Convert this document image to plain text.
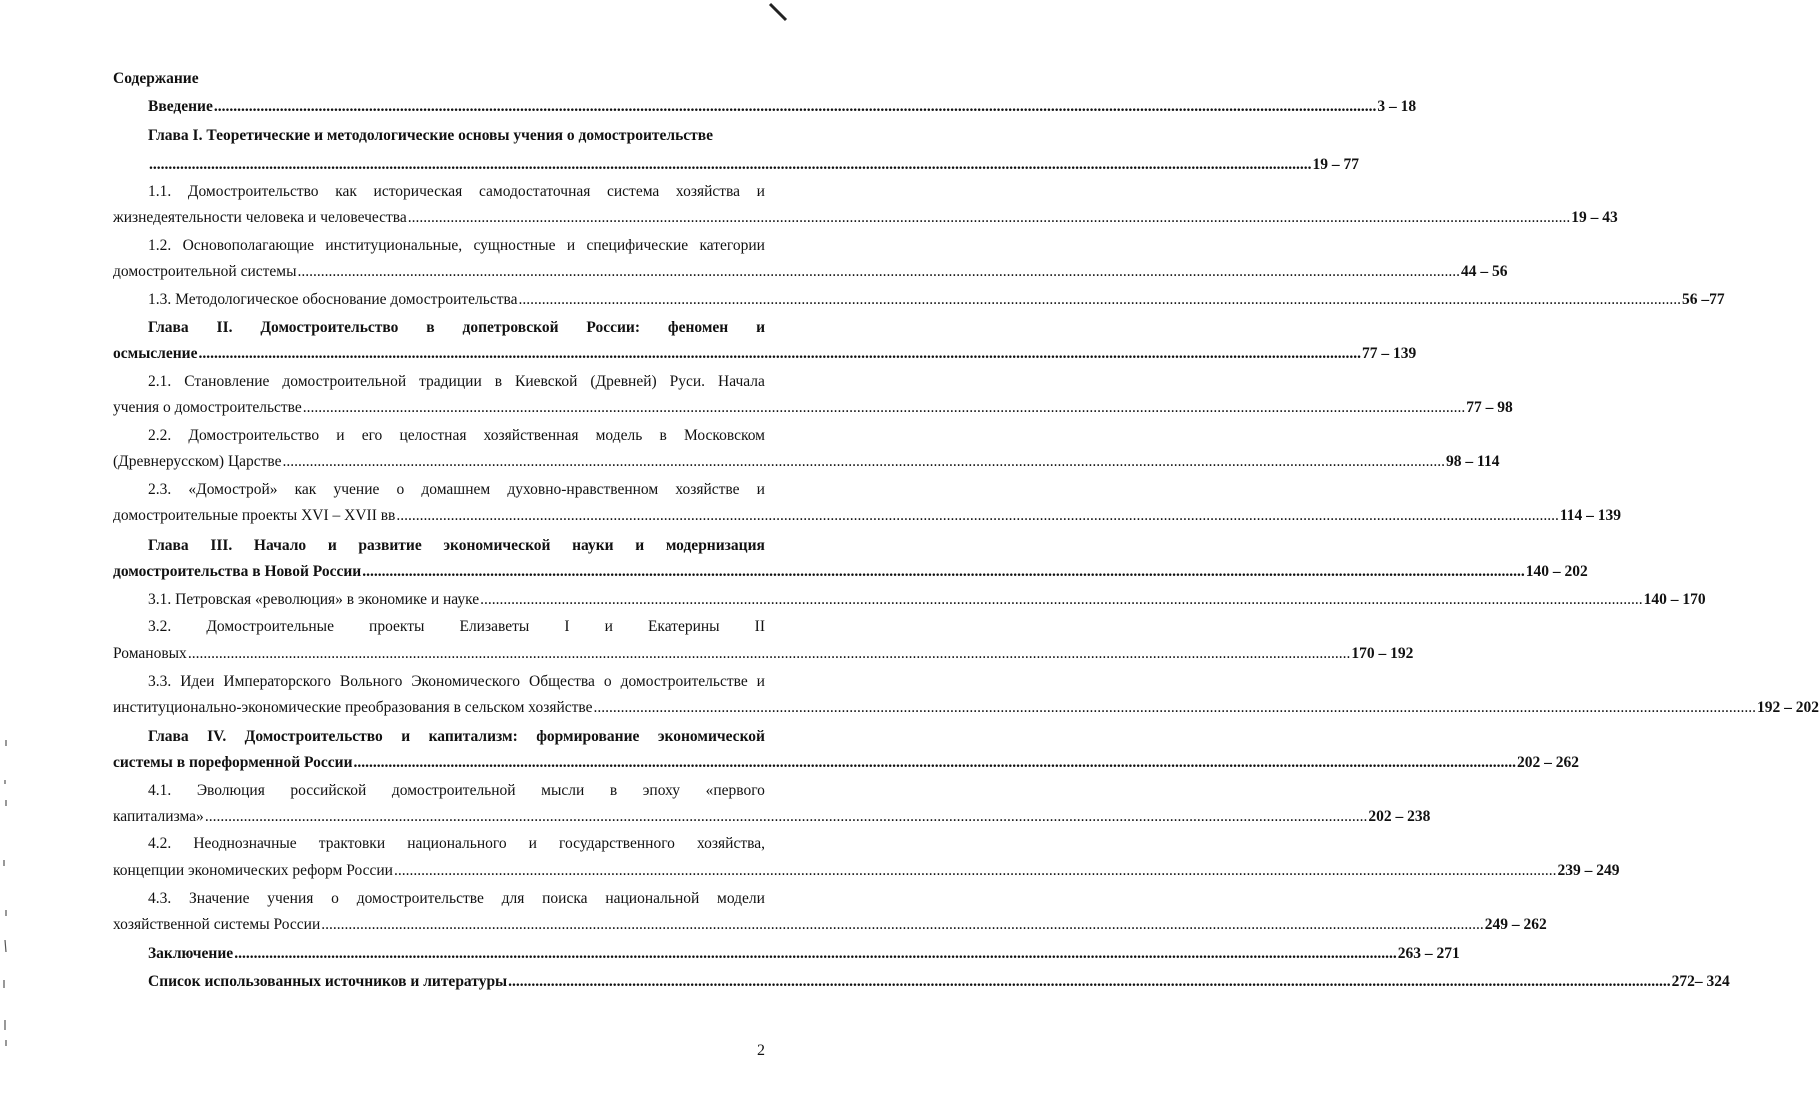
Содержание
Введение ............................................................................................................................................................................................................................................................................................................ 3 – 18
Глава I. Теоретические и методологические основы учения о домостроительстве
............................................................................................................................................................................................................................................................................................................ 19 – 77
1.1. Домостроительство как историческая самодостаточная система хозяйства и
жизнедеятельности человека и человечества ............................................................................................................................................................................................................................................................................................................ 19 – 43
1.2. Основополагающие институциональные, сущностные и специфические категории
домостроительной системы ............................................................................................................................................................................................................................................................................................................ 44 – 56
1.3. Методологическое обоснование домостроительства ............................................................................................................................................................................................................................................................................................................ 56 –77
Глава II. Домостроительство в допетровской России: феномен и
осмысление ............................................................................................................................................................................................................................................................................................................ 77 – 139
2.1. Становление домостроительной традиции в Киевской (Древней) Руси. Начала
учения о домостроительстве ............................................................................................................................................................................................................................................................................................................ 77 – 98
2.2. Домостроительство и его целостная хозяйственная модель в Московском
(Древнерусском) Царстве ............................................................................................................................................................................................................................................................................................................ 98 – 114
2.3. «Домострой» как учение о домашнем духовно-нравственном хозяйстве и
домостроительные проекты XVI – XVII вв ............................................................................................................................................................................................................................................................................................................ 114 – 139
Глава III. Начало и развитие экономической науки и модернизация
домостроительства в Новой России ............................................................................................................................................................................................................................................................................................................ 140 – 202
3.1. Петровская «революция» в экономике и науке ............................................................................................................................................................................................................................................................................................................ 140 – 170
3.2. Домостроительные проекты Елизаветы I и Екатерины II
Романовых ............................................................................................................................................................................................................................................................................................................ 170 – 192
3.3. Идеи Императорского Вольного Экономического Общества о домостроительстве и
институционально-экономические преобразования в сельском хозяйстве ............................................................................................................................................................................................................................................................................................................ 192 – 202
Глава IV. Домостроительство и капитализм: формирование экономической
системы в пореформенной России ............................................................................................................................................................................................................................................................................................................ 202 – 262
4.1. Эволюция российской домостроительной мысли в эпоху «первого
капитализма» ............................................................................................................................................................................................................................................................................................................ 202 – 238
4.2. Неоднозначные трактовки национального и государственного хозяйства,
концепции экономических реформ России ............................................................................................................................................................................................................................................................................................................ 239 – 249
4.3. Значение учения о домостроительстве для поиска национальной модели
хозяйственной системы России ............................................................................................................................................................................................................................................................................................................ 249 – 262
Заключение ............................................................................................................................................................................................................................................................................................................ 263 – 271
Список использованных источников и литературы ............................................................................................................................................................................................................................................................................................................ 272– 324
2
